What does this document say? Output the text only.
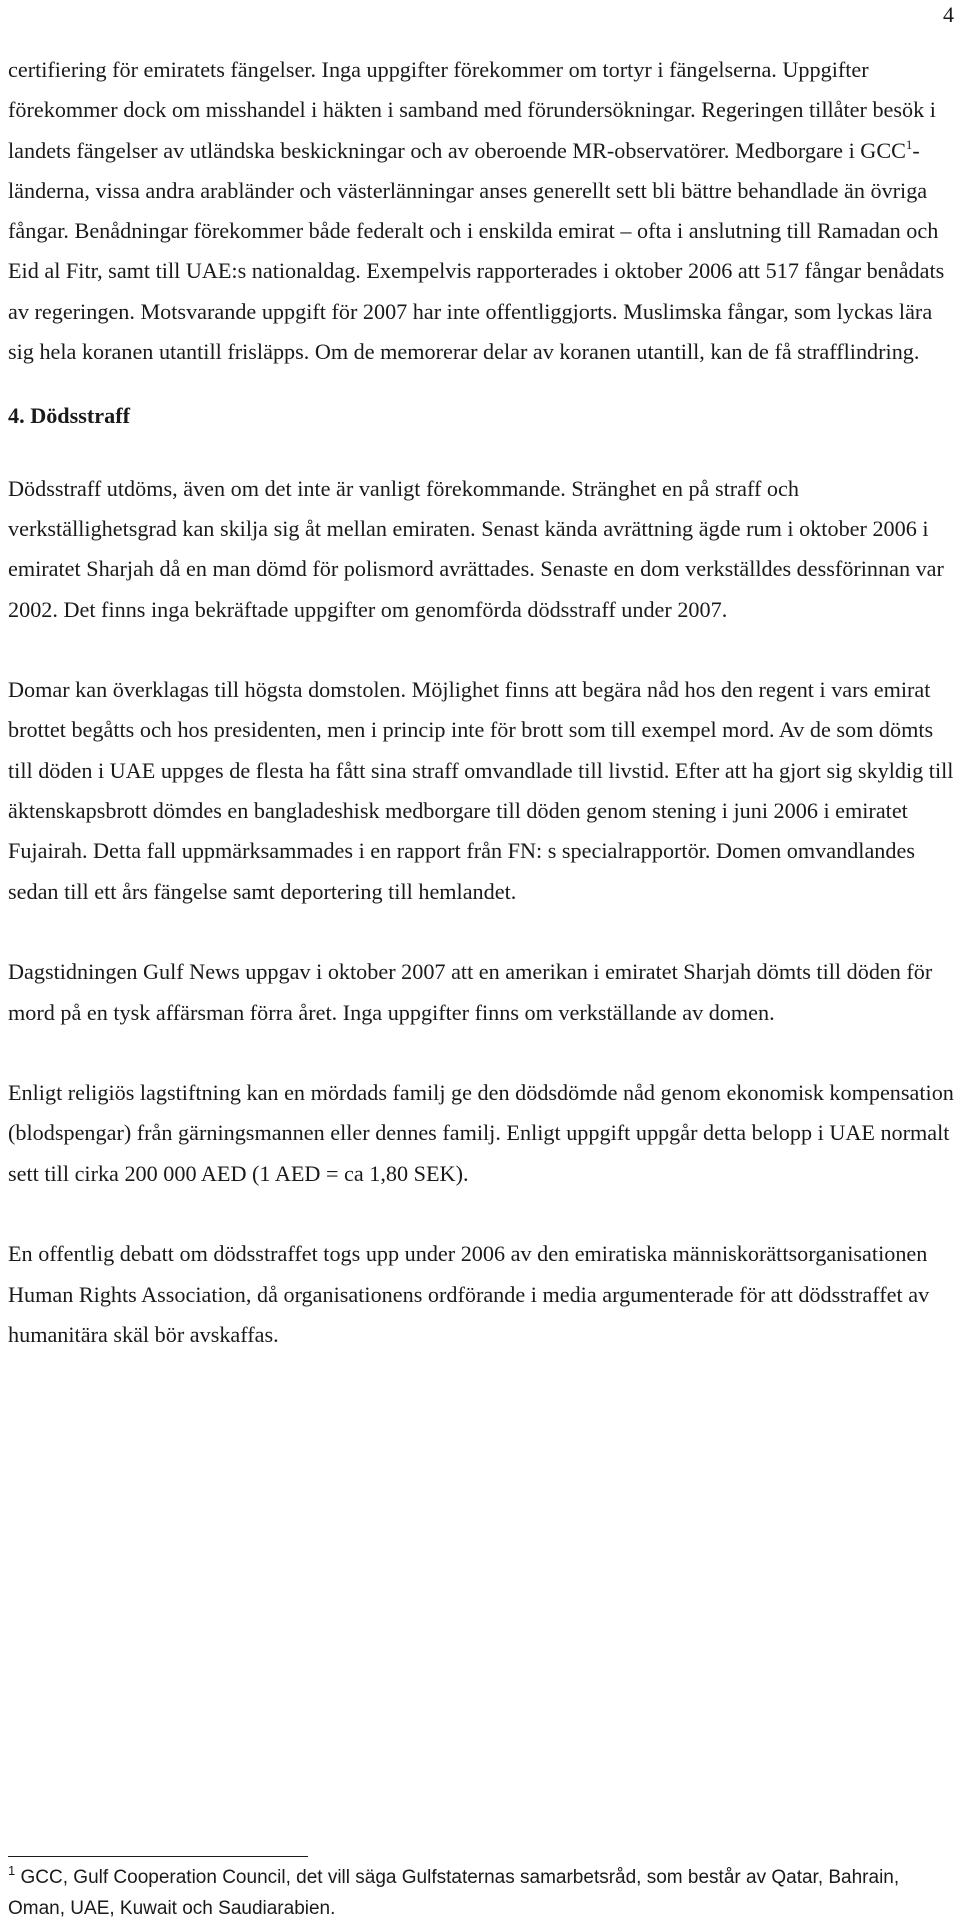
4

certifiering för emiratets fängelser. Inga uppgifter förekommer om tortyr i fängelserna. Uppgifter förekommer dock om misshandel i häkten i samband med förundersökningar. Regeringen tillåter besök i landets fängelser av utländska beskickningar och av oberoende MR-observatörer. Medborgare i GCC$^1$-länderna, vissa andra arabländer och västerlänningar anses generellt sett bli bättre behandlade än övriga fångar. Benådningar förekommer både federalt och i enskilda emirat – ofta i anslutning till Ramadan och Eid al Fitr, samt till UAE:s nationaldag. Exempelvis rapporterades i oktober 2006 att 517 fångar benådats av regeringen. Motsvarande uppgift för 2007 har inte offentliggjorts. Muslimska fångar, som lyckas lära sig hela koranen utantill frisläpps. Om de memorerar delar av koranen utantill, kan de få strafflindring.

4. Dödsstraff

Dödsstraff utdöms, även om det inte är vanligt förekommande. Stränghet en på straff och verkställighetsgrad kan skilja sig åt mellan emiraten. Senast kända avrättning ägde rum i oktober 2006 i emiratet Sharjah då en man dömd för polismord avrättades. Senaste en dom verkställdes dessförinnan var 2002. Det finns inga bekräftade uppgifter om genomförda dödsstraff under 2007.

Domar kan överklagas till högsta domstolen. Möjlighet finns att begära nåd hos den regent i vars emirat brottet begåtts och hos presidenten, men i princip inte för brott som till exempel mord. Av de som dömts till döden i UAE uppges de flesta ha fått sina straff omvandlade till livstid. Efter att ha gjort sig skyldig till äktenskapsbrott dömdes en bangladeshisk medborgare till döden genom stening i juni 2006 i emiratet Fujairah. Detta fall uppmärksammades i en rapport från FN: s specialrapportör. Domen omvandlandes sedan till ett års fängelse samt deportering till hemlandet.

Dagstidningen Gulf News uppgav i oktober 2007 att en amerikan i emiratet Sharjah dömts till döden för mord på en tysk affärsman förra året. Inga uppgifter finns om verkställande av domen.

Enligt religiös lagstiftning kan en mördads familj ge den dödsdömde nåd genom ekonomisk kompensation (blodspengar) från gärningsmannen eller dennes familj. Enligt uppgift uppgår detta belopp i UAE normalt sett till cirka 200 000 AED (1 AED = ca 1,80 SEK).

En offentlig debatt om dödsstraffet togs upp under 2006 av den emiratiska människorättsorganisationen Human Rights Association, då organisationens ordförande i media argumenterade för att dödsstraffet av humanitära skäl bör avskaffas.

$^1$ GCC, Gulf Cooperation Council, det vill säga Gulfstaternas samarbetsråd, som består av Qatar, Bahrain, Oman, UAE, Kuwait och Saudiarabien.
